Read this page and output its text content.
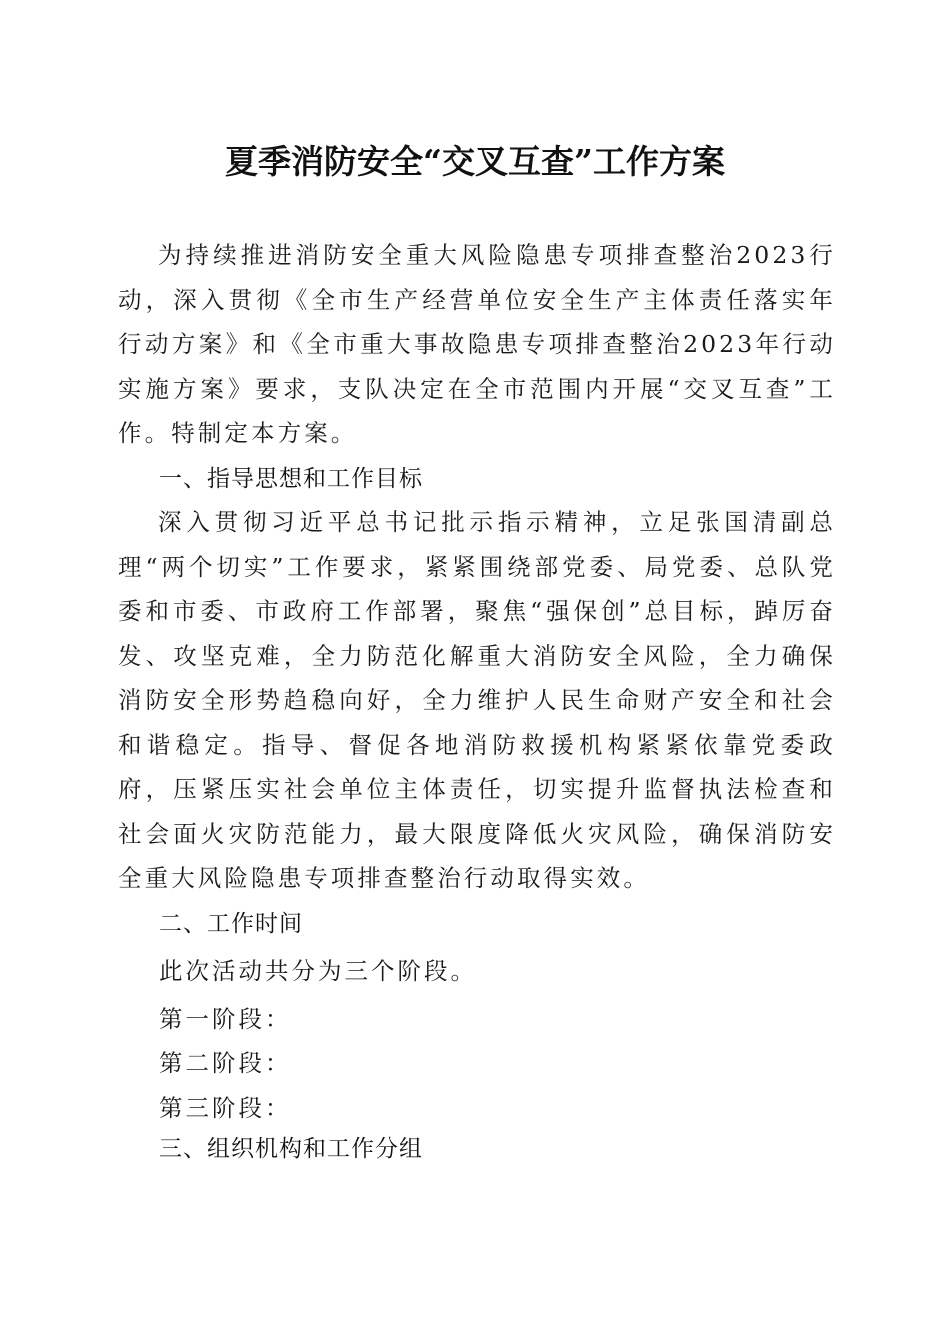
夏季消防安全“交叉互查”工作方案

为持续推进消防安全重大风险隐患专项排查整治2023行动，深入贯彻《全市生产经营单位安全生产主体责任落实年行动方案》和《全市重大事故隐患专项排查整治2023年行动实施方案》要求，支队决定在全市范围内开展“交叉互查”工作。特制定本方案。

一、指导思想和工作目标

深入贯彻习近平总书记批示指示精神，立足张国清副总理“两个切实”工作要求，紧紧围绕部党委、局党委、总队党委和市委、市政府工作部署，聚焦“强保创”总目标，踔厉奋发、攻坚克难，全力防范化解重大消防安全风险，全力确保消防安全形势趋稳向好，全力维护人民生命财产安全和社会和谐稳定。指导、督促各地消防救援机构紧紧依靠党委政府，压紧压实社会单位主体责任，切实提升监督执法检查和社会面火灾防范能力，最大限度降低火灾风险，确保消防安全重大风险隐患专项排查整治行动取得实效。

二、工作时间

此次活动共分为三个阶段。

第一阶段：

第二阶段：

第三阶段：

三、组织机构和工作分组
